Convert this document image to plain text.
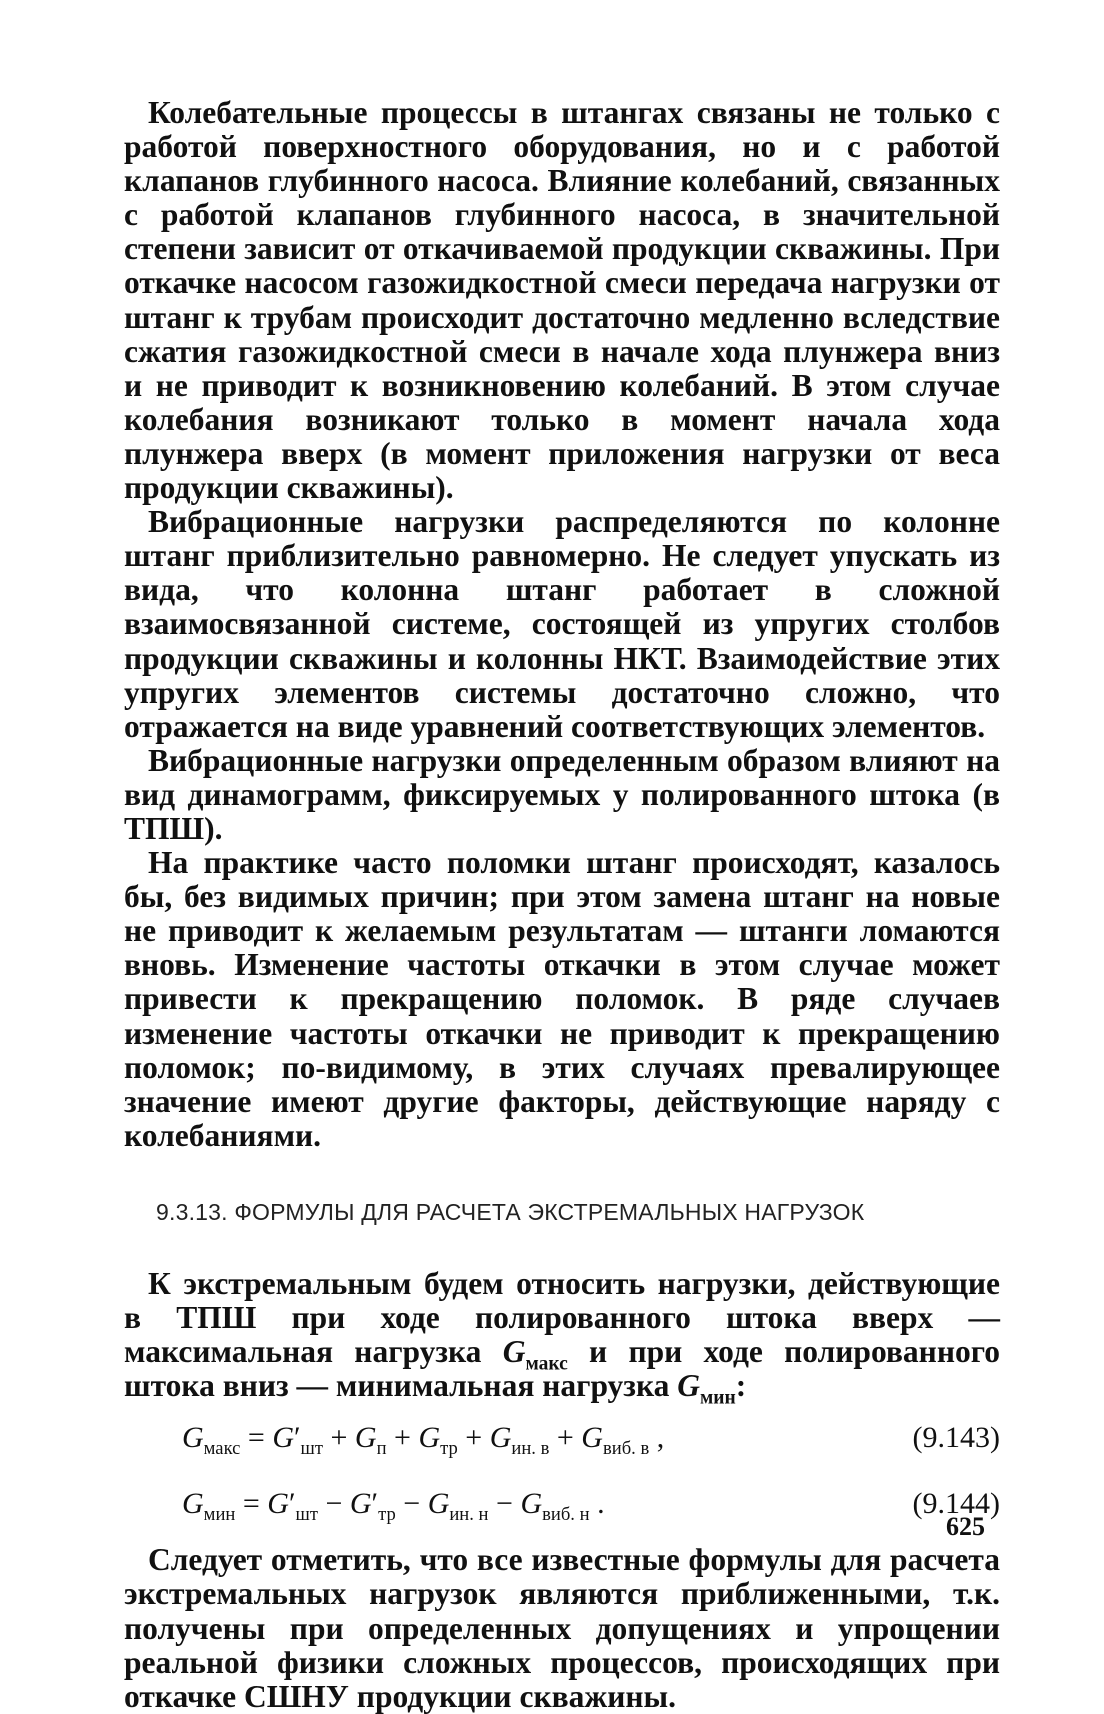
Колебательные процессы в штангах связаны не только с работой поверхностного оборудования, но и с работой клапанов глубинного насоса. Влияние колебаний, связанных с работой клапанов глубинного насоса, в значительной степени зависит от откачиваемой продукции скважины. При откачке насосом газожидкостной смеси передача нагрузки от штанг к трубам происходит достаточно медленно вследствие сжатия газожидкостной смеси в начале хода плунжера вниз и не приводит к возникновению колебаний. В этом случае колебания возникают только в момент начала хода плунжера вверх (в момент приложения нагрузки от веса продукции скважины).

Вибрационные нагрузки распределяются по колонне штанг приблизительно равномерно. Не следует упускать из вида, что колонна штанг работает в сложной взаимосвязанной системе, состоящей из упругих столбов продукции скважины и колонны НКТ. Взаимодействие этих упругих элементов системы достаточно сложно, что отражается на виде уравнений соответствующих элементов.

Вибрационные нагрузки определенным образом влияют на вид динамограмм, фиксируемых у полированного штока (в ТПШ).

На практике часто поломки штанг происходят, казалось бы, без видимых причин; при этом замена штанг на новые не приводит к желаемым результатам — штанги ломаются вновь. Изменение частоты откачки в этом случае может привести к прекращению поломок. В ряде случаев изменение частоты откачки не приводит к прекращению поломок; по-видимому, в этих случаях превалирующее значение имеют другие факторы, действующие наряду с колебаниями.

9.3.13. ФОРМУЛЫ ДЛЯ РАСЧЕТА ЭКСТРЕМАЛЬНЫХ НАГРУЗОК

К экстремальным будем относить нагрузки, действующие в ТПШ при ходе полированного штока вверх — максимальная нагрузка $G_{макс}$ и при ходе полированного штока вниз — минимальная нагрузка $G_{мин}$:

$G_{макс} = G'_{шт} + G_п + G_{тр} + G_{ин. в} + G_{виб. в}$ ,	(9.143)
$G_{мин} = G'_{шт} - G'_{тр} - G_{ин. н} - G_{виб. н}$ .	(9.144)

Следует отметить, что все известные формулы для расчета экстремальных нагрузок являются приближенными, т.к. получены при определенных допущениях и упрощении реальной физики сложных процессов, происходящих при откачке СШНУ продукции скважины.

625
